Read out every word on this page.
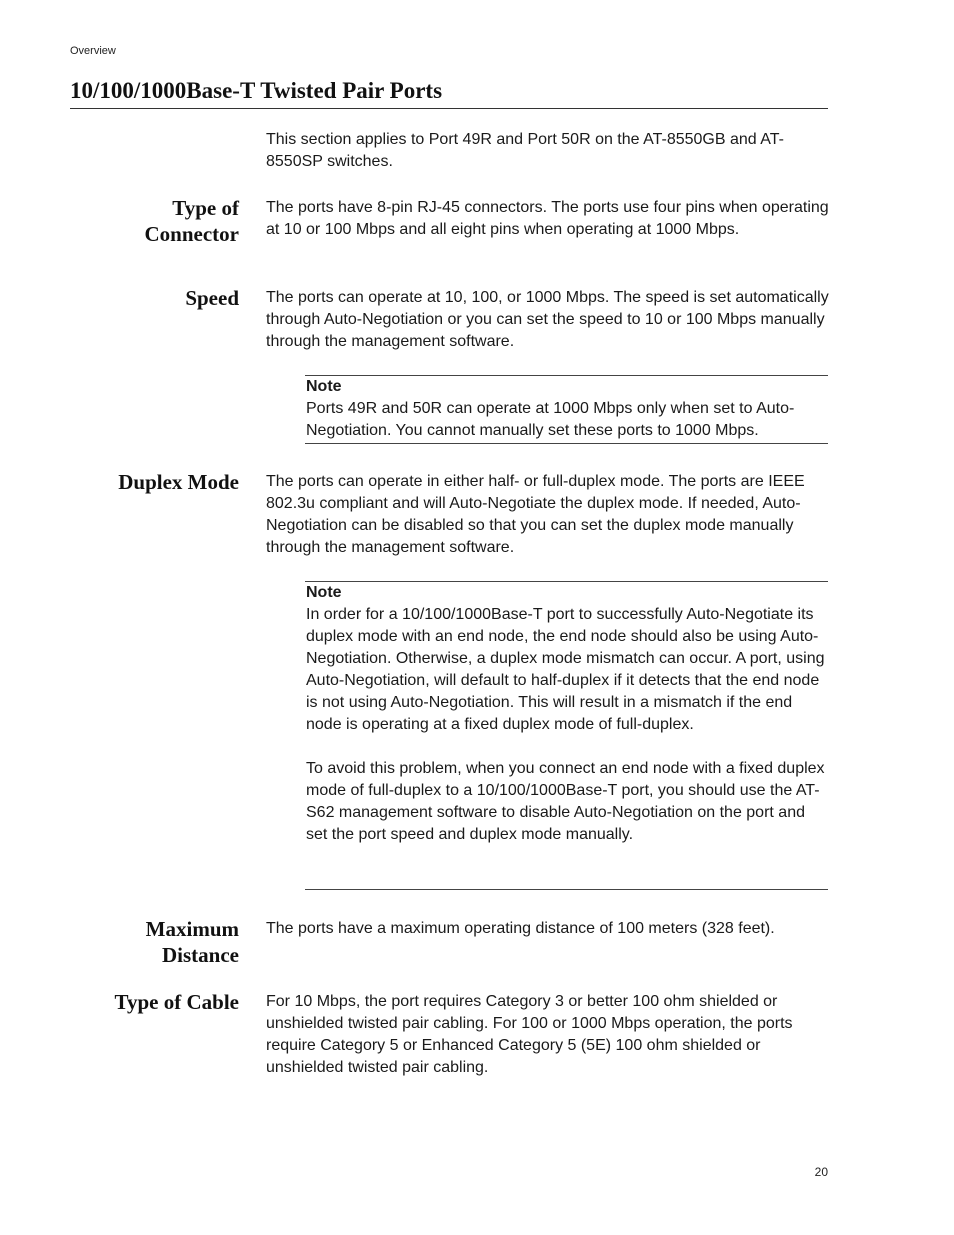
Overview
10/100/1000Base-T Twisted Pair Ports
This section applies to Port 49R and Port 50R on the AT-8550GB and AT-8550SP switches.
Type of
Connector
The ports have 8-pin RJ-45 connectors. The ports use four pins when operating at 10 or 100 Mbps and all eight pins when operating at 1000 Mbps.
Speed The ports can operate at 10, 100, or 1000 Mbps. The speed is set automatically through Auto-Negotiation or you can set the speed to 10 or 100 Mbps manually through the management software.
Note

Ports 49R and 50R can operate at 1000 Mbps only when set to Auto-Negotiation. You cannot manually set these ports to 1000 Mbps.

Duplex Mode The ports can operate in either half- or full-duplex mode. The ports are IEEE 802.3u compliant and will Auto-Negotiate the duplex mode. If needed, Auto-Negotiation can be disabled so that you can set the duplex mode manually through the management software.
Note

In order for a 10/100/1000Base-T port to successfully Auto-Negotiate its duplex mode with an end node, the end node should also be using Auto-Negotiation. Otherwise, a duplex mode mismatch can occur. A port, using Auto-Negotiation, will default to half-duplex if it detects that the end node is not using Auto-Negotiation. This will result in a mismatch if the end node is operating at a fixed duplex mode of full-duplex.

To avoid this problem, when you connect an end node with a fixed duplex mode of full-duplex to a 10/100/1000Base-T port, you should use the AT-S62 management software to disable Auto-Negotiation on the port and set the port speed and duplex mode manually.

Maximum
Distance
The ports have a maximum operating distance of 100 meters (328 feet).
Type of Cable For 10 Mbps, the port requires Category 3 or better 100 ohm shielded or unshielded twisted pair cabling. For 100 or 1000 Mbps operation, the ports require Category 5 or Enhanced Category 5 (5E) 100 ohm shielded or unshielded twisted pair cabling.
20
